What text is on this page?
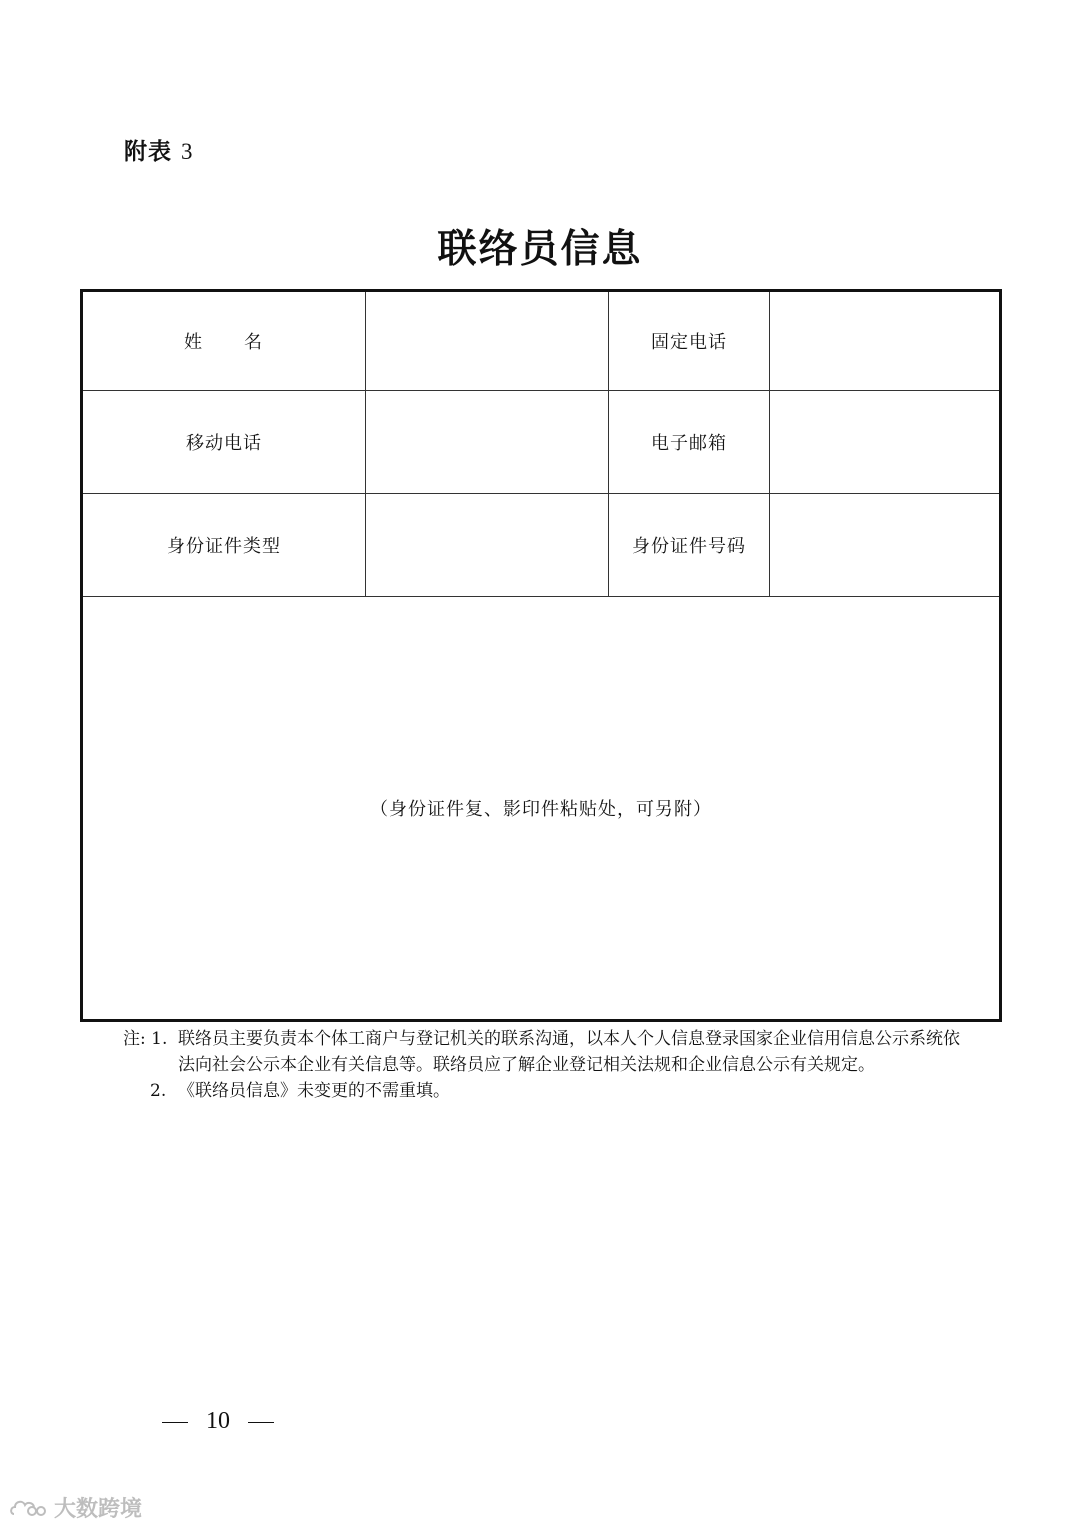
附表 3
联络员信息
姓名		固定电话	
移动电话		电子邮箱	
身份证件类型		身份证件号码	
（身份证件复、影印件粘贴处，可另附）			
注: 1. 联络员主要负责本个体工商户与登记机关的联系沟通，以本人个人信息登录国家企业信用信息公示系统依法向社会公示本企业有关信息等。联络员应了解企业登记相关法规和企业信息公示有关规定。
2. 《联络员信息》未变更的不需重填。
10
大数跨境
